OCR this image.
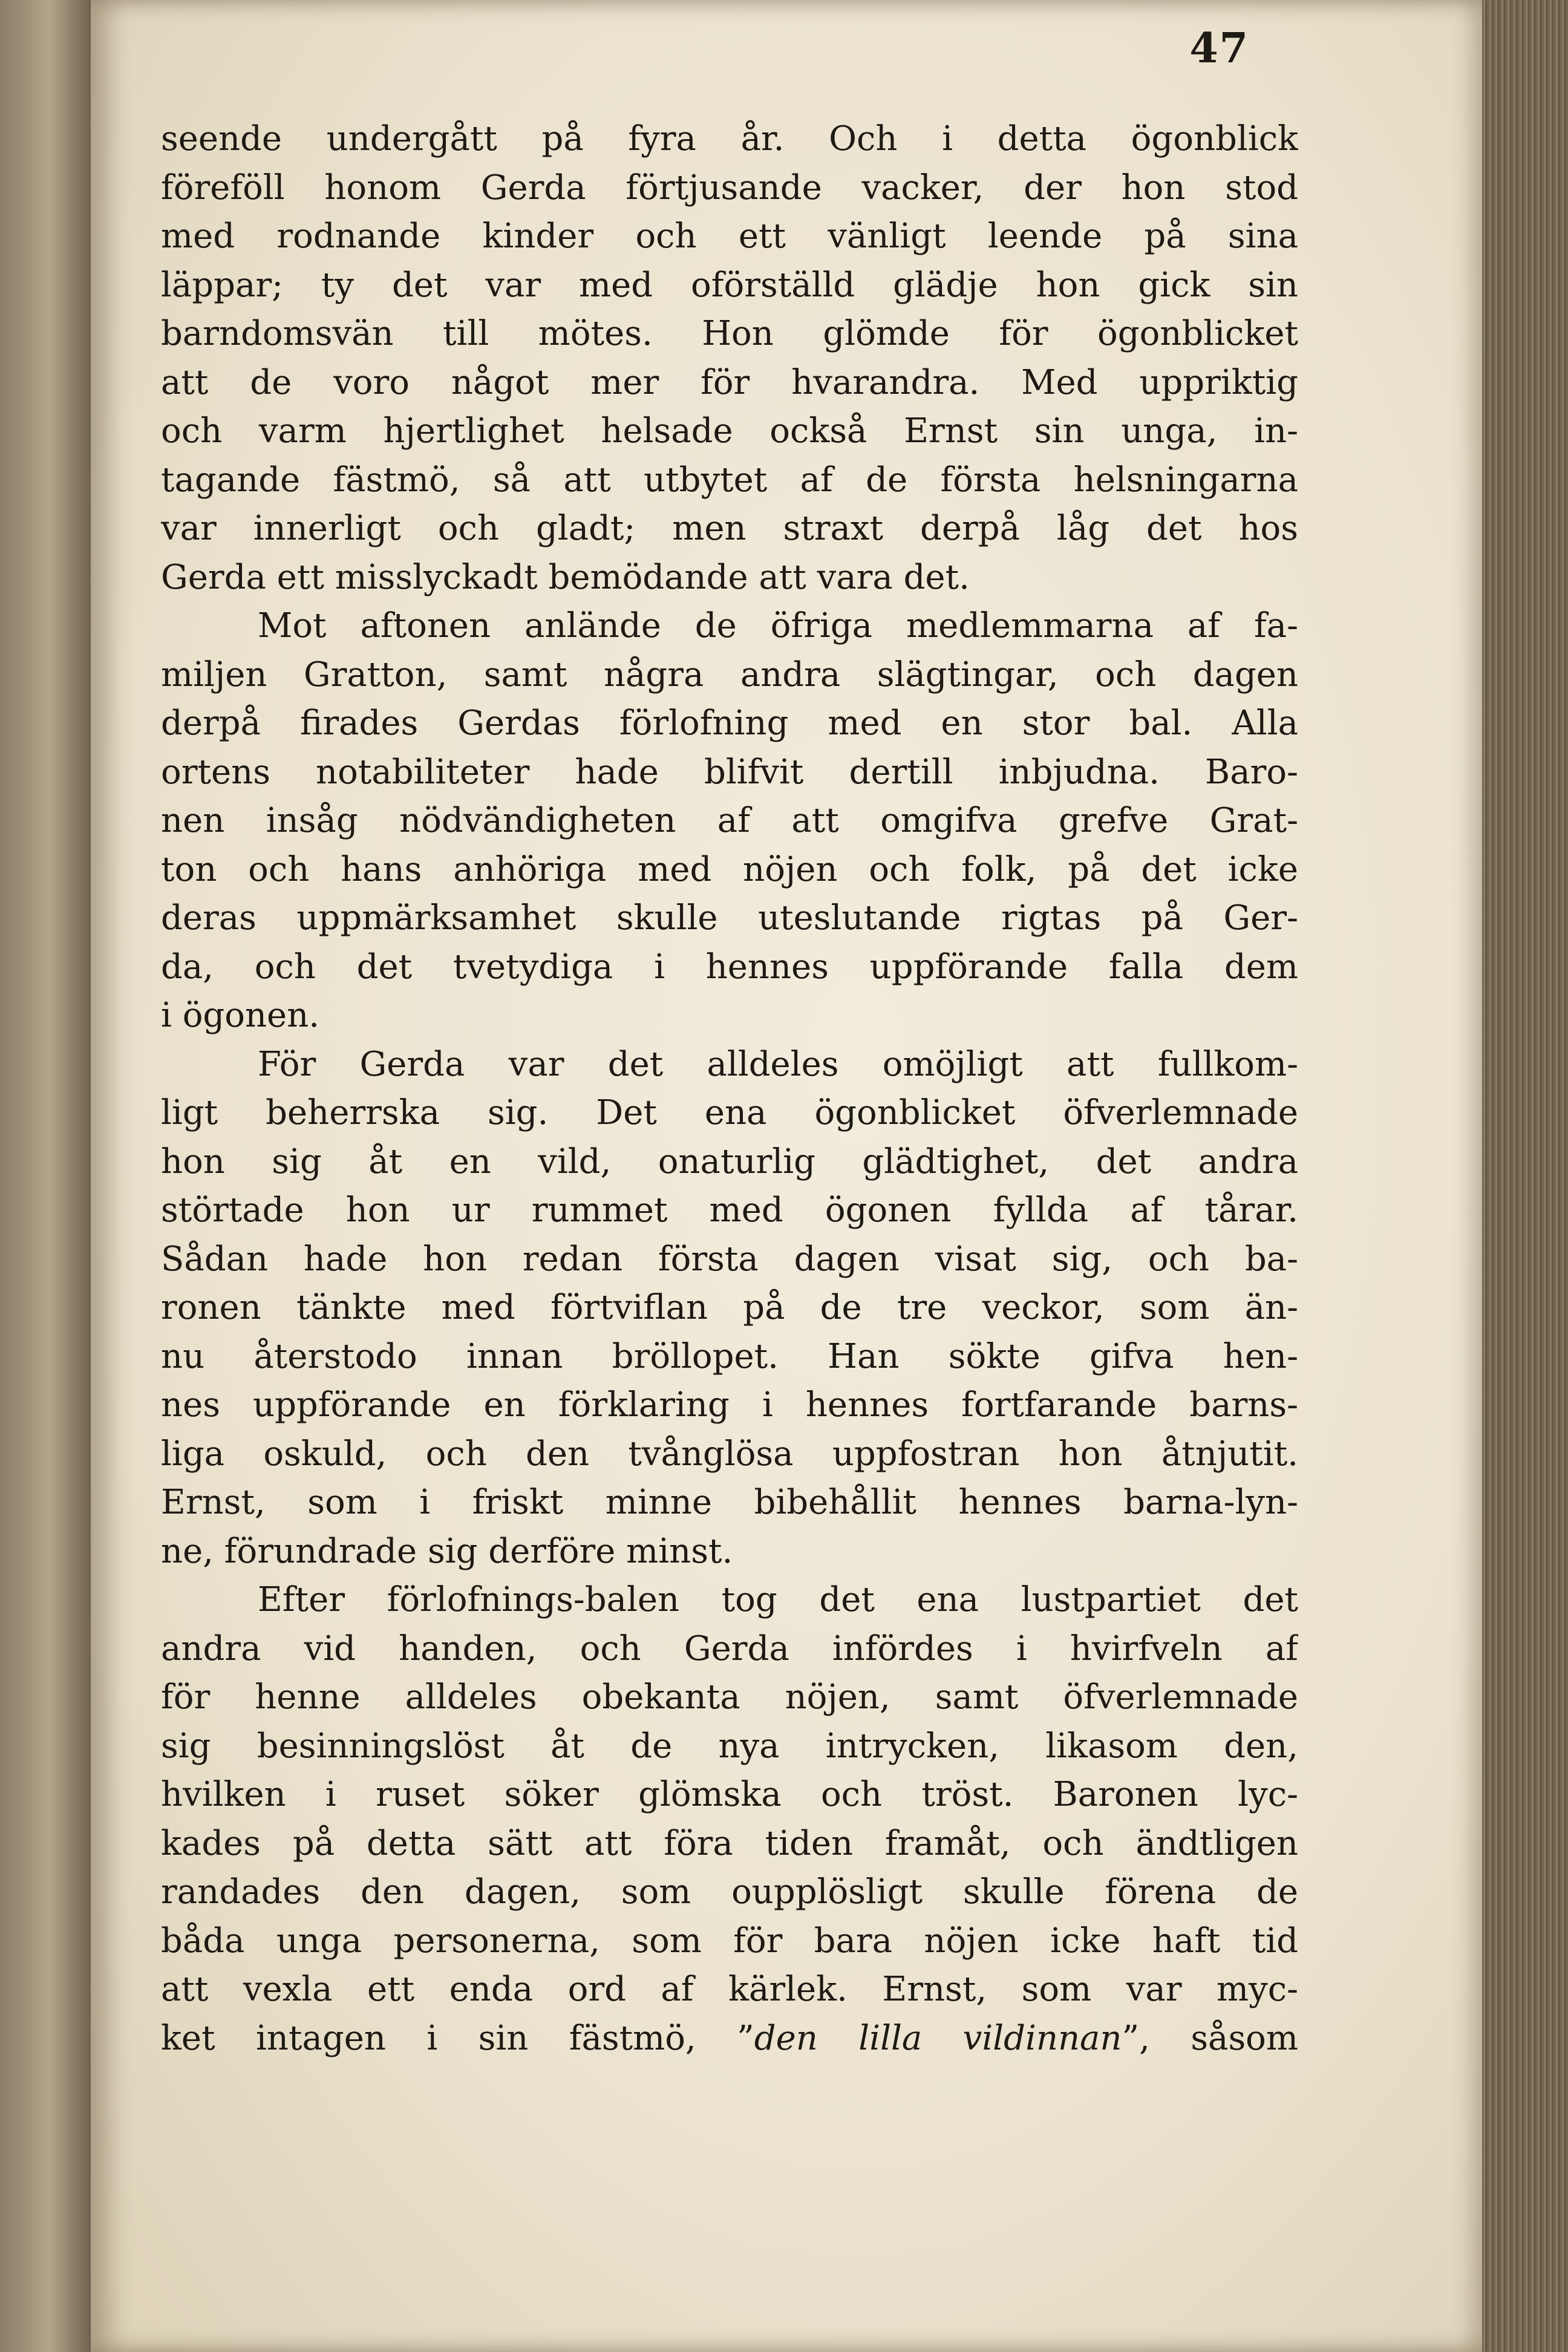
47
seende undergått på fyra år. Och i detta ögonblick
föreföll honom Gerda förtjusande vacker, der hon stod
med rodnande kinder och ett vänligt leende på sina
läppar; ty det var med oförställd glädje hon gick sin
barndomsvän till mötes. Hon glömde för ögonblicket
att de voro något mer för hvarandra. Med uppriktig
och varm hjertlighet helsade också Ernst sin unga, in-
tagande fästmö, så att utbytet af de första helsningarna
var innerligt och gladt; men straxt derpå låg det hos
Gerda ett misslyckadt bemödande att vara det.
Mot aftonen anlände de öfriga medlemmarna af fa-
miljen Gratton, samt några andra slägtingar, och dagen
derpå firades Gerdas förlofning med en stor bal. Alla
ortens notabiliteter hade blifvit dertill inbjudna. Baro-
nen insåg nödvändigheten af att omgifva grefve Grat-
ton och hans anhöriga med nöjen och folk, på det icke
deras uppmärksamhet skulle uteslutande rigtas på Ger-
da, och det tvetydiga i hennes uppförande falla dem
i ögonen.
För Gerda var det alldeles omöjligt att fullkom-
ligt beherrska sig. Det ena ögonblicket öfverlemnade
hon sig åt en vild, onaturlig glädtighet, det andra
störtade hon ur rummet med ögonen fyllda af tårar.
Sådan hade hon redan första dagen visat sig, och ba-
ronen tänkte med förtviflan på de tre veckor, som än-
nu återstodo innan bröllopet. Han sökte gifva hen-
nes uppförande en förklaring i hennes fortfarande barns-
liga oskuld, och den tvånglösa uppfostran hon åtnjutit.
Ernst, som i friskt minne bibehållit hennes barna-lyn-
ne, förundrade sig derföre minst.
Efter förlofnings-balen tog det ena lustpartiet det
andra vid handen, och Gerda infördes i hvirfveln af
för henne alldeles obekanta nöjen, samt öfverlemnade
sig besinningslöst åt de nya intrycken, likasom den,
hvilken i ruset söker glömska och tröst. Baronen lyc-
kades på detta sätt att föra tiden framåt, och ändtligen
randades den dagen, som oupplösligt skulle förena de
båda unga personerna, som för bara nöjen icke haft tid
att vexla ett enda ord af kärlek. Ernst, som var myc-
ket intagen i sin fästmö, ”den lilla vildinnan”, såsom
